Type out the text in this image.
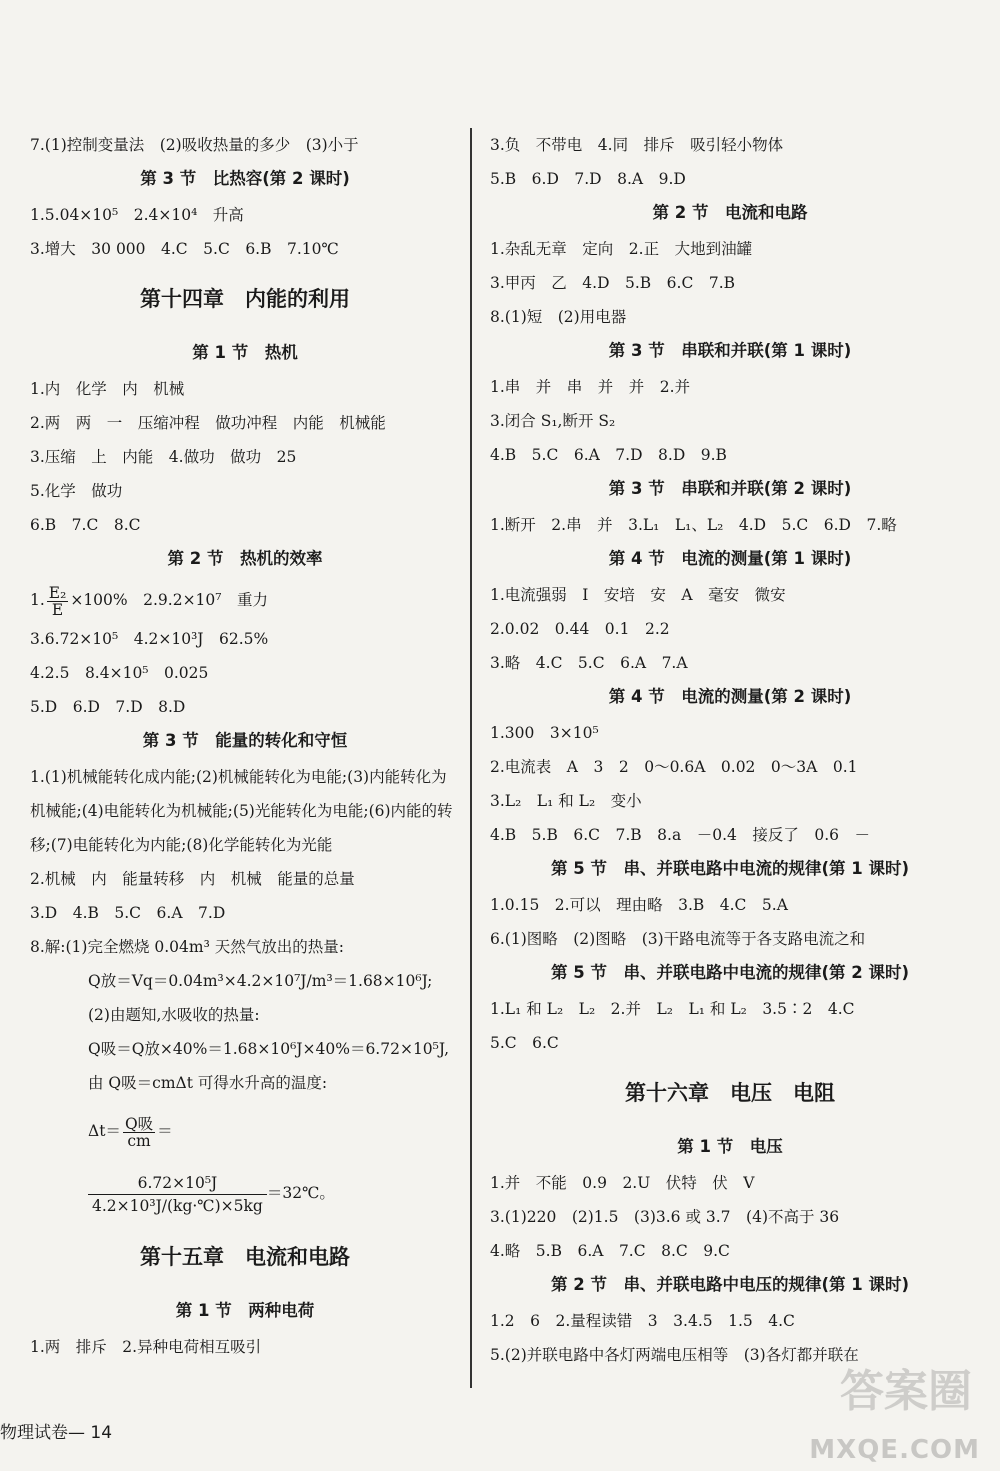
7.(1)控制变量法　(2)吸收热量的多少　(3)小于
第 3 节　比热容(第 2 课时)
1.5.04×10⁵　2.4×10⁴　升高
3.增大　30 000　4.C　5.C　6.B　7.10℃
第十四章　内能的利用
第 1 节　热机
1.内　化学　内　机械
2.两　两　一　压缩冲程　做功冲程　内能　机械能
3.压缩　上　内能　4.做功　做功　25
5.化学　做功
6.B　7.C　8.C
第 2 节　热机的效率
1. $\frac{\text{E₂}}{E} \times 100\%$　2.9.2×10⁷　重力
3.6.72×10⁵　4.2×10³J　62.5%
4.2.5　8.4×10⁵　0.025
5.D　6.D　7.D　8.D
第 3 节　能量的转化和守恒
1.(1)机械能转化成内能;(2)机械能转化为电能;(3)内能转化为机械能;(4)电能转化为机械能;(5)光能转化为电能;(6)内能的转移;(7)电能转化为内能;(8)化学能转化为光能
2.机械　内　能量转移　内　机械　能量的总量
3.D　4.B　5.C　6.A　7.D
8.解:(1)完全燃烧 0.04m³ 天然气放出的热量:
Q放＝Vq＝0.04m³×4.2×10⁷J/m³＝1.68×10⁶J;
(2)由题知,水吸收的热量:
Q吸＝Q放×40%＝1.68×10⁶J×40%＝6.72×10⁵J,
由 Q吸＝cmΔt 可得水升高的温度:
$\Delta t= \frac{\text{Q吸}}{cm}$ ＝
$\frac{\text{6.72×10⁵J}}{\text{4.2×10³J/(kg·℃)×5kg}}$ ＝32℃。
第十五章　电流和电路
第 1 节　两种电荷
1.两　排斥　2.异种电荷相互吸引
3.负　不带电　4.同　排斥　吸引轻小物体
5.B　6.D　7.D　8.A　9.D
第 2 节　电流和电路
1.杂乱无章　定向　2.正　大地到油罐
3.甲丙　乙　4.D　5.B　6.C　7.B
8.(1)短　(2)用电器
第 3 节　串联和并联(第 1 课时)
1.串　并　串　并　并　2.并
3.闭合 S₁,断开 S₂
4.B　5.C　6.A　7.D　8.D　9.B
第 3 节　串联和并联(第 2 课时)
1.断开　2.串　并　3.L₁　L₁、L₂　4.D　5.C　6.D　7.略
第 4 节　电流的测量(第 1 课时)
1.电流强弱　I　安培　安　A　毫安　微安
2.0.02　0.44　0.1　2.2
3.略　4.C　5.C　6.A　7.A
第 4 节　电流的测量(第 2 课时)
1.300　3×10⁵
2.电流表　A　3　2　0～0.6A　0.02　0～3A　0.1
3.L₂　L₁ 和 L₂　变小
4.B　5.B　6.C　7.B　8.a　－0.4　接反了　0.6　－
第 5 节　串、并联电路中电流的规律(第 1 课时)
1.0.15　2.可以　理由略　3.B　4.C　5.A
6.(1)图略　(2)图略　(3)干路电流等于各支路电流之和
第 5 节　串、并联电路中电流的规律(第 2 课时)
1.L₁ 和 L₂　L₂　2.并　L₂　L₁ 和 L₂　3.5∶2　4.C
5.C　6.C
第十六章　电压　电阻
第 1 节　电压
1.并　不能　0.9　2.U　伏特　伏　V
3.(1)220　(2)1.5　(3)3.6 或 3.7　(4)不高于 36
4.略　5.B　6.A　7.C　8.C　9.C
第 2 节　串、并联电路中电压的规律(第 1 课时)
1.2　6　2.量程读错　3　3.4.5　1.5　4.C
5.(2)并联电路中各灯两端电压相等　(3)各灯都并联在
物理试卷— 14
答案圈
MXQE.COM
